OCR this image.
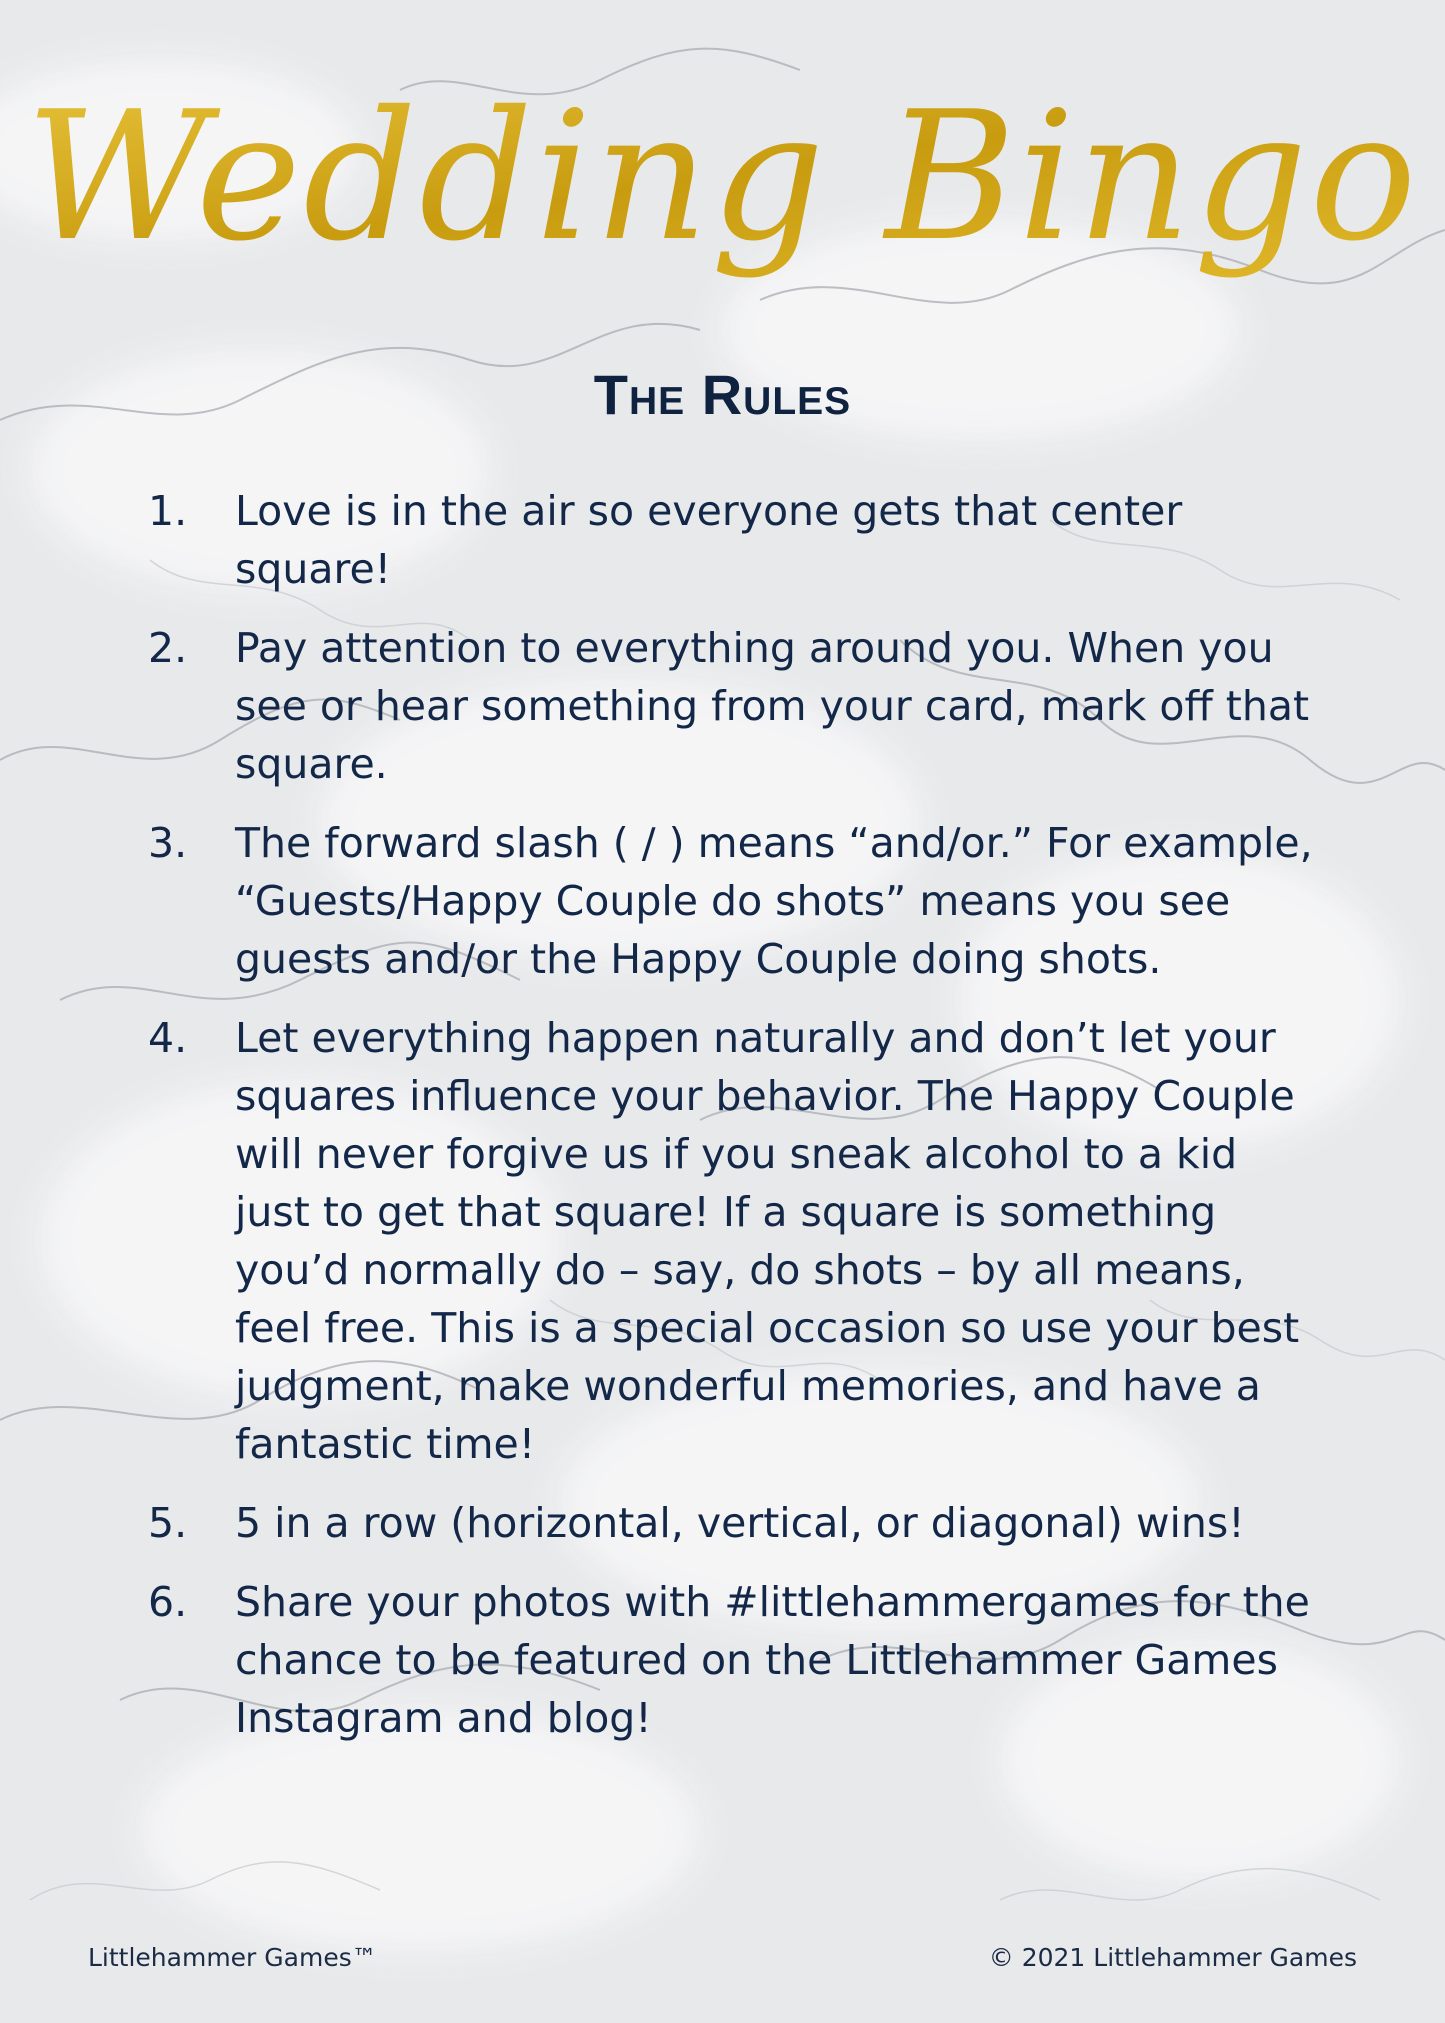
Wedding Bingo
The Rules
1. Love is in the air so everyone gets that center square!
2. Pay attention to everything around you. When you see or hear something from your card, mark off that square.
3. The forward slash ( / ) means “and/or.” For example, “Guests/Happy Couple do shots” means you see guests and/or the Happy Couple doing shots.
4. Let everything happen naturally and don’t let your squares influence your behavior. The Happy Couple will never forgive us if you sneak alcohol to a kid just to get that square! If a square is something you’d normally do – say, do shots – by all means, feel free. This is a special occasion so use your best judgment, make wonderful memories, and have a fantastic time!
5. 5 in a row (horizontal, vertical, or diagonal) wins!
6. Share your photos with #littlehammergames for the chance to be featured on the Littlehammer Games Instagram and blog!
Littlehammer Games™	© 2021 Littlehammer Games
